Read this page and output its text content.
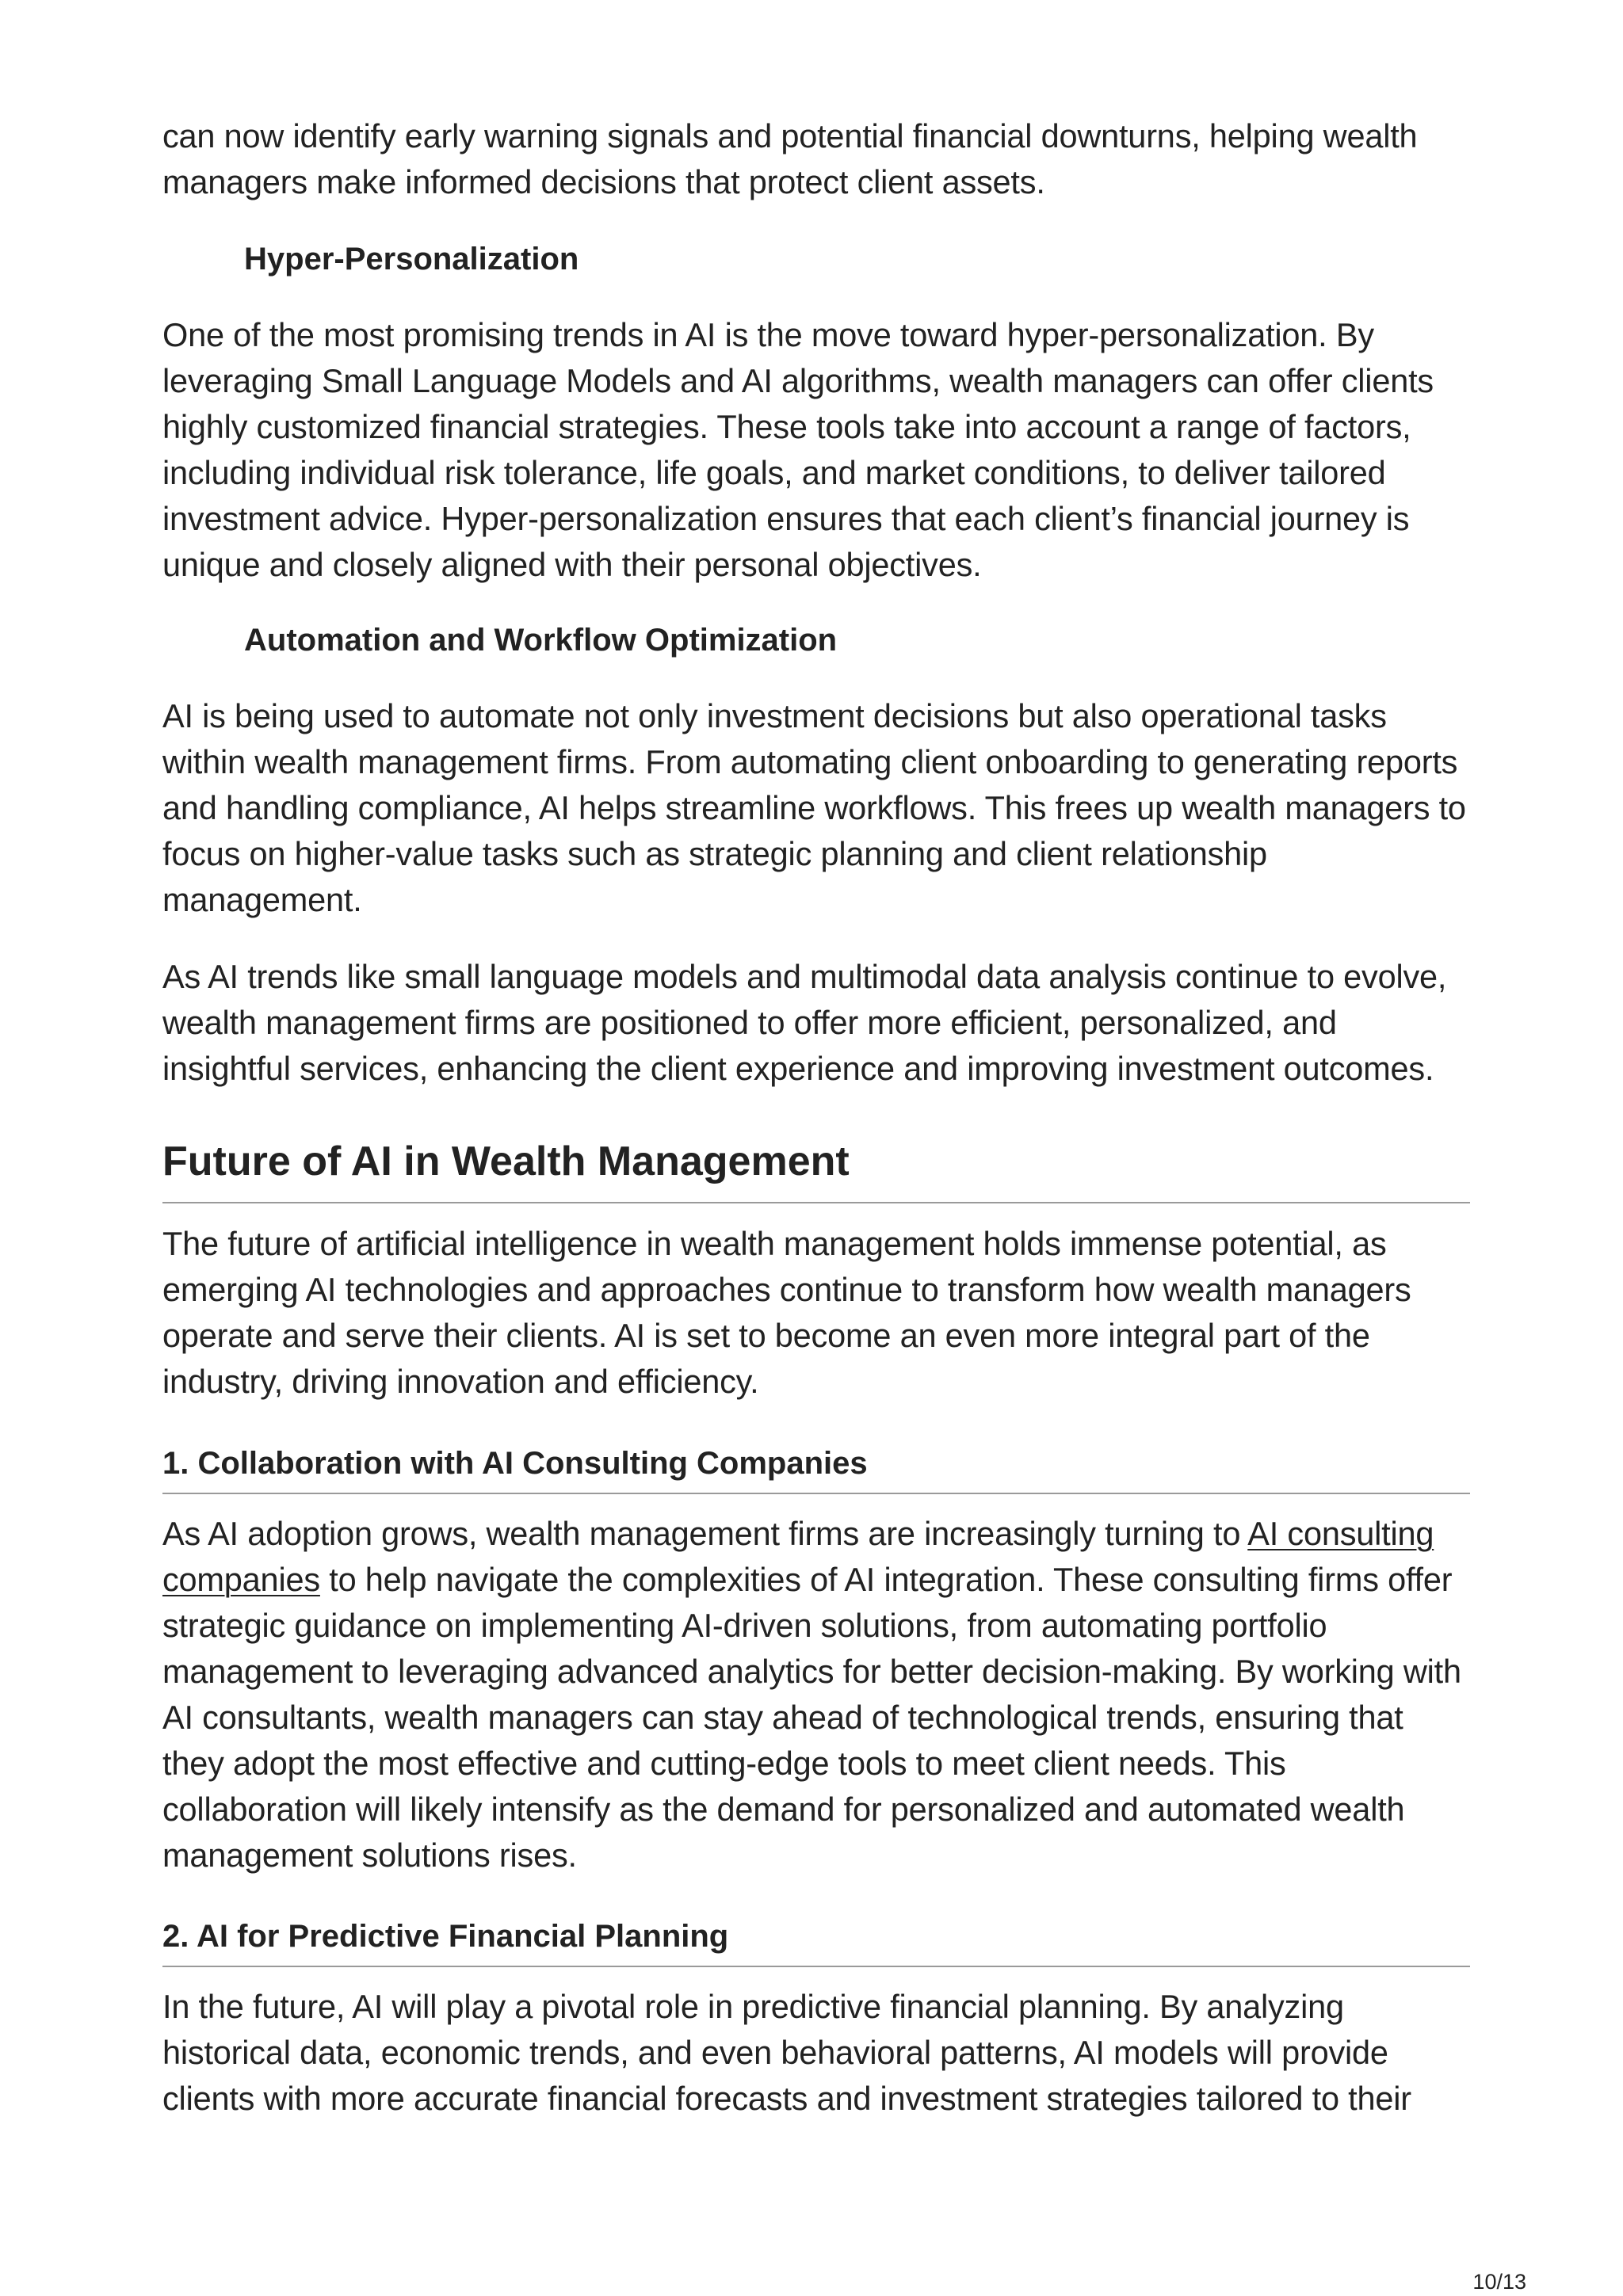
can now identify early warning signals and potential financial downturns, helping wealth managers make informed decisions that protect client assets.

Hyper-Personalization

One of the most promising trends in AI is the move toward hyper-personalization. By leveraging Small Language Models and AI algorithms, wealth managers can offer clients highly customized financial strategies. These tools take into account a range of factors, including individual risk tolerance, life goals, and market conditions, to deliver tailored investment advice. Hyper-personalization ensures that each client’s financial journey is unique and closely aligned with their personal objectives.

Automation and Workflow Optimization

AI is being used to automate not only investment decisions but also operational tasks within wealth management firms. From automating client onboarding to generating reports and handling compliance, AI helps streamline workflows. This frees up wealth managers to focus on higher-value tasks such as strategic planning and client relationship management.

As AI trends like small language models and multimodal data analysis continue to evolve, wealth management firms are positioned to offer more efficient, personalized, and insightful services, enhancing the client experience and improving investment outcomes.

Future of AI in Wealth Management

The future of artificial intelligence in wealth management holds immense potential, as emerging AI technologies and approaches continue to transform how wealth managers operate and serve their clients. AI is set to become an even more integral part of the industry, driving innovation and efficiency.

1. Collaboration with AI Consulting Companies

As AI adoption grows, wealth management firms are increasingly turning to AI consulting companies to help navigate the complexities of AI integration. These consulting firms offer strategic guidance on implementing AI-driven solutions, from automating portfolio management to leveraging advanced analytics for better decision-making. By working with AI consultants, wealth managers can stay ahead of technological trends, ensuring that they adopt the most effective and cutting-edge tools to meet client needs. This collaboration will likely intensify as the demand for personalized and automated wealth management solutions rises.

2. AI for Predictive Financial Planning

In the future, AI will play a pivotal role in predictive financial planning. By analyzing historical data, economic trends, and even behavioral patterns, AI models will provide clients with more accurate financial forecasts and investment strategies tailored to their

10/13
